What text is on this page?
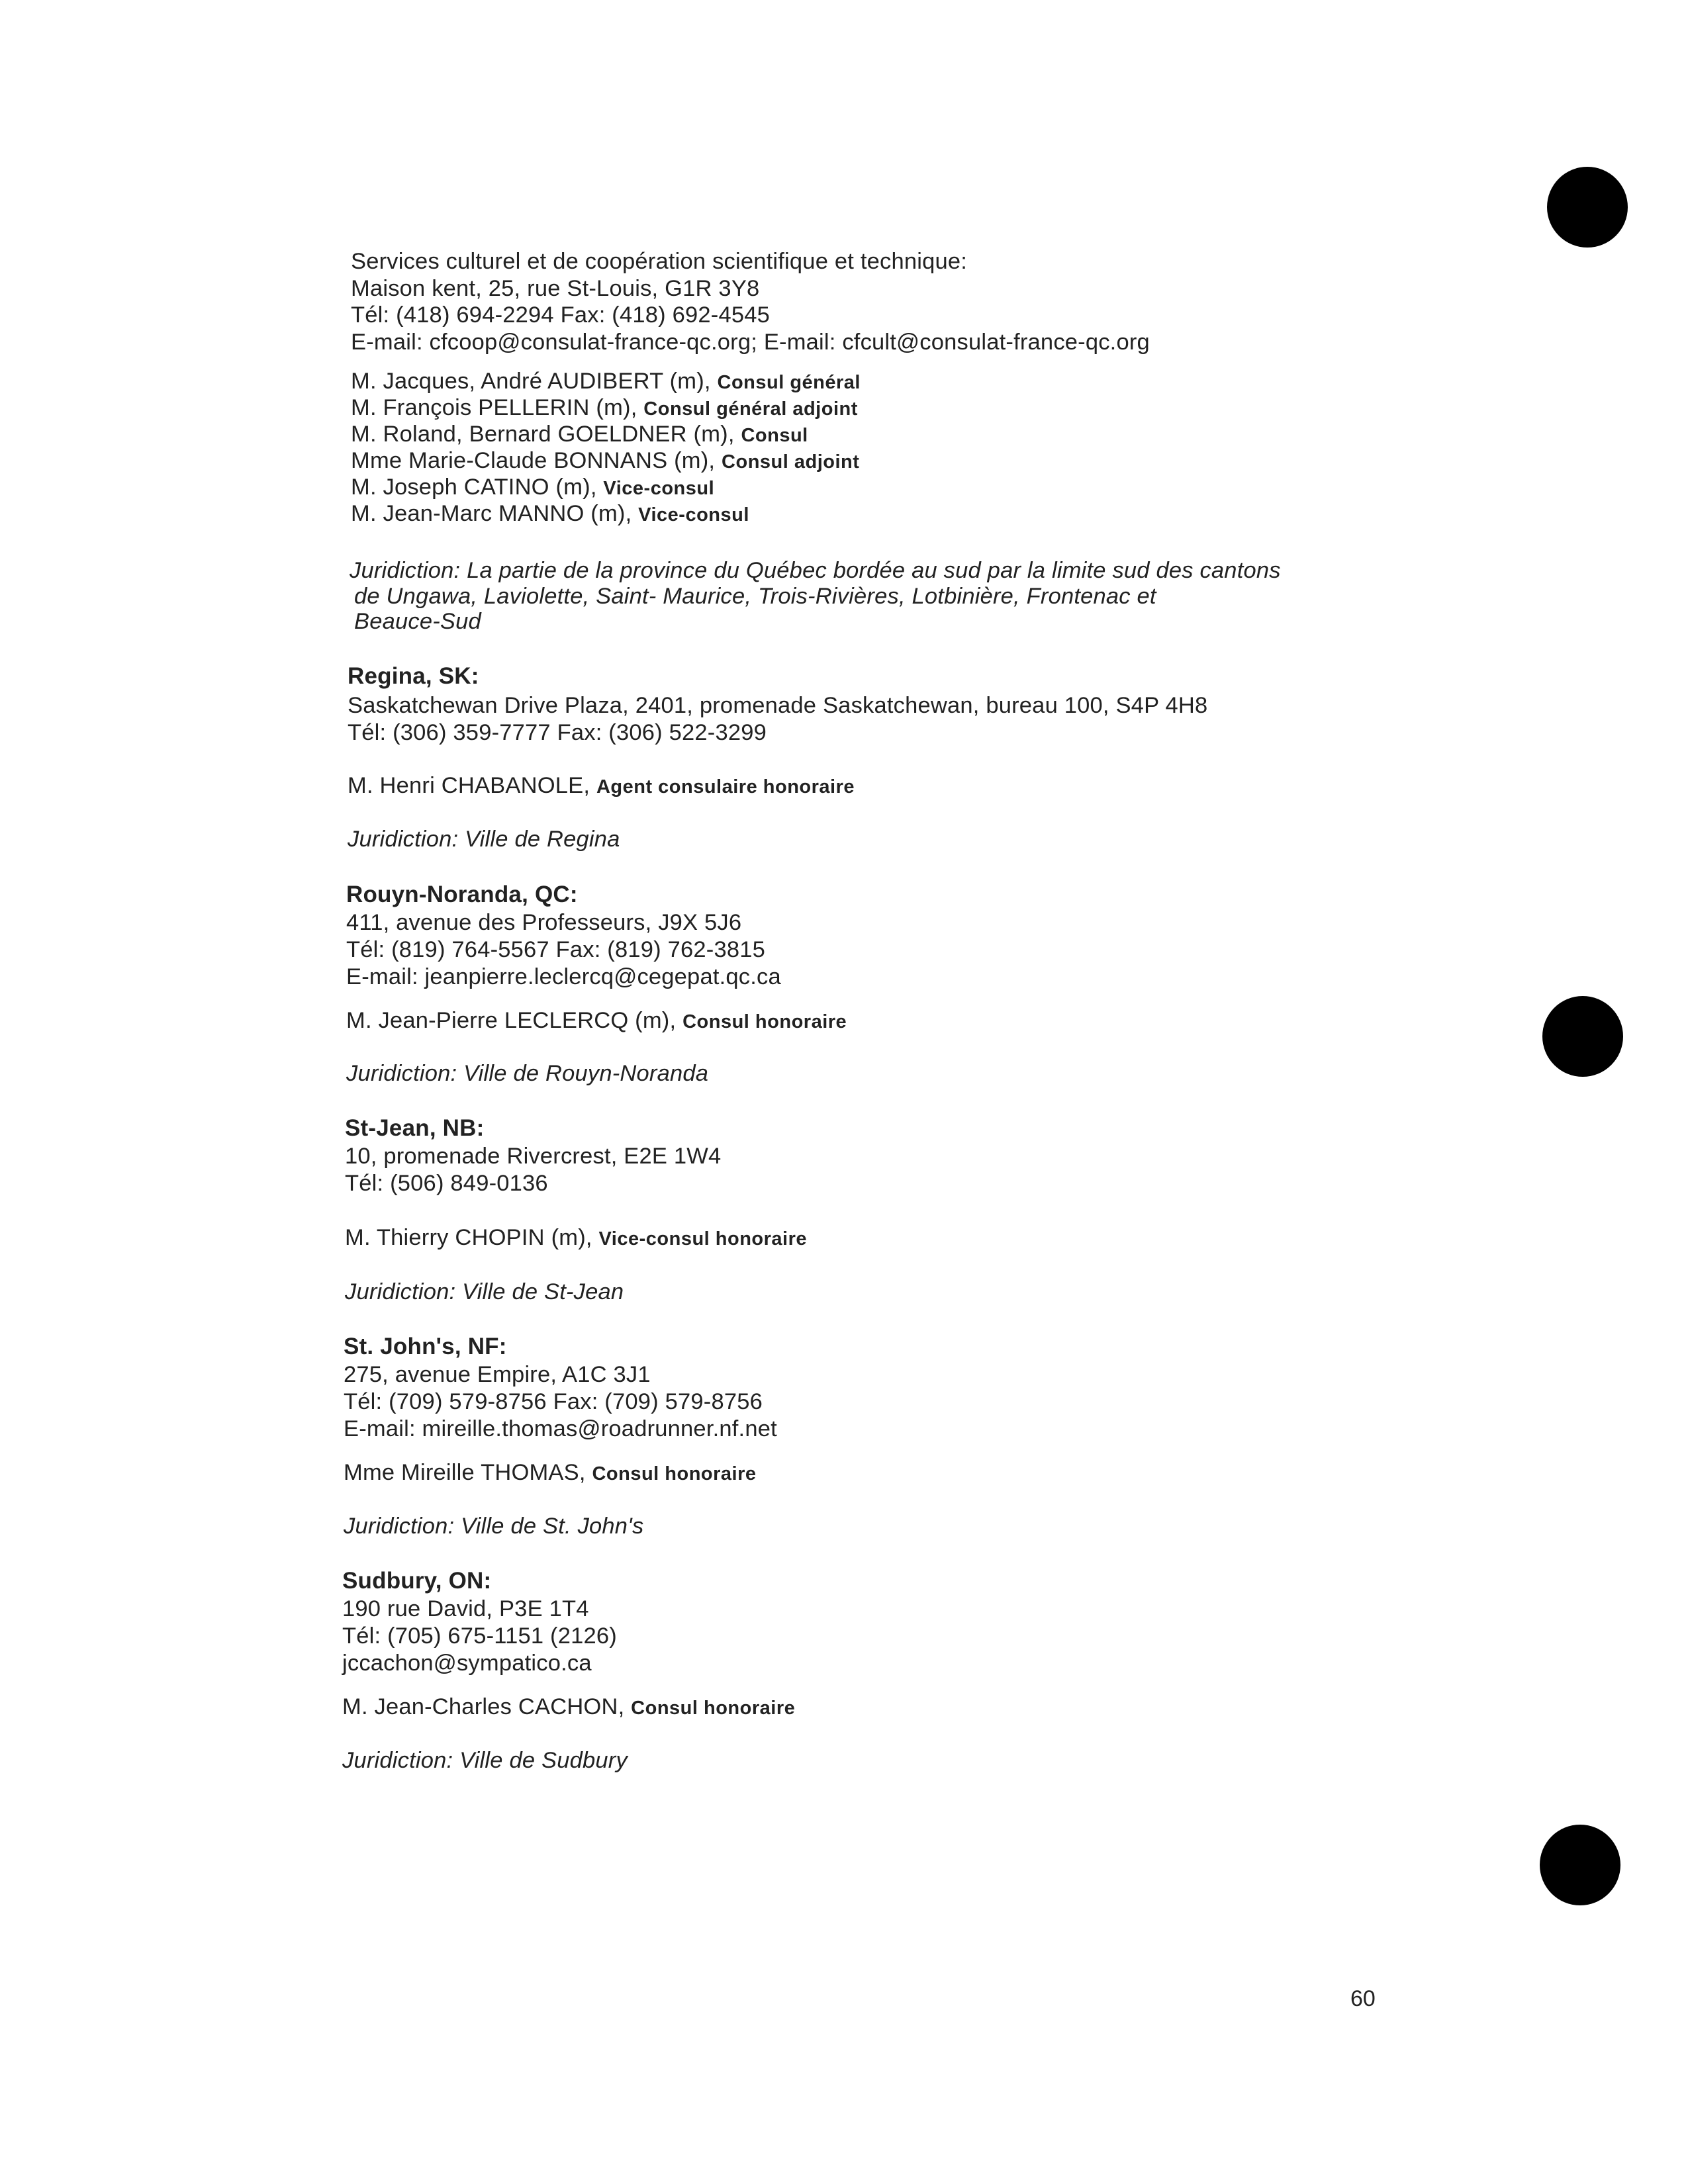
Services culturel et de coopération scientifique et technique:
Maison kent, 25, rue St-Louis, G1R 3Y8
Tél: (418) 694-2294 Fax: (418) 692-4545
E-mail: cfcoop@consulat-france-qc.org; E-mail: cfcult@consulat-france-qc.org
M. Jacques, André AUDIBERT (m), Consul général
M. François PELLERIN (m), Consul général adjoint
M. Roland, Bernard GOELDNER (m), Consul
Mme Marie-Claude BONNANS (m), Consul adjoint
M. Joseph CATINO (m), Vice-consul
M. Jean-Marc MANNO (m), Vice-consul
Juridiction: La partie de la province du Québec bordée au sud par la limite sud des cantons
de Ungawa, Laviolette, Saint- Maurice, Trois-Rivières, Lotbinière, Frontenac et
Beauce-Sud
Regina, SK:
Saskatchewan Drive Plaza, 2401, promenade Saskatchewan, bureau 100, S4P 4H8
Tél: (306) 359-7777 Fax: (306) 522-3299
M. Henri CHABANOLE, Agent consulaire honoraire
Juridiction: Ville de Regina
Rouyn-Noranda, QC:
411, avenue des Professeurs, J9X 5J6
Tél: (819) 764-5567 Fax: (819) 762-3815
E-mail: jeanpierre.leclercq@cegepat.qc.ca
M. Jean-Pierre LECLERCQ (m), Consul honoraire
Juridiction: Ville de Rouyn-Noranda
St-Jean, NB:
10, promenade Rivercrest, E2E 1W4
Tél: (506) 849-0136
M. Thierry CHOPIN (m), Vice-consul honoraire
Juridiction: Ville de St-Jean
St. John's, NF:
275, avenue Empire, A1C 3J1
Tél: (709) 579-8756 Fax: (709) 579-8756
E-mail: mireille.thomas@roadrunner.nf.net
Mme Mireille THOMAS, Consul honoraire
Juridiction: Ville de St. John's
Sudbury, ON:
190 rue David, P3E 1T4
Tél: (705) 675-1151 (2126)
jccachon@sympatico.ca
M. Jean-Charles CACHON, Consul honoraire
Juridiction: Ville de Sudbury
60
